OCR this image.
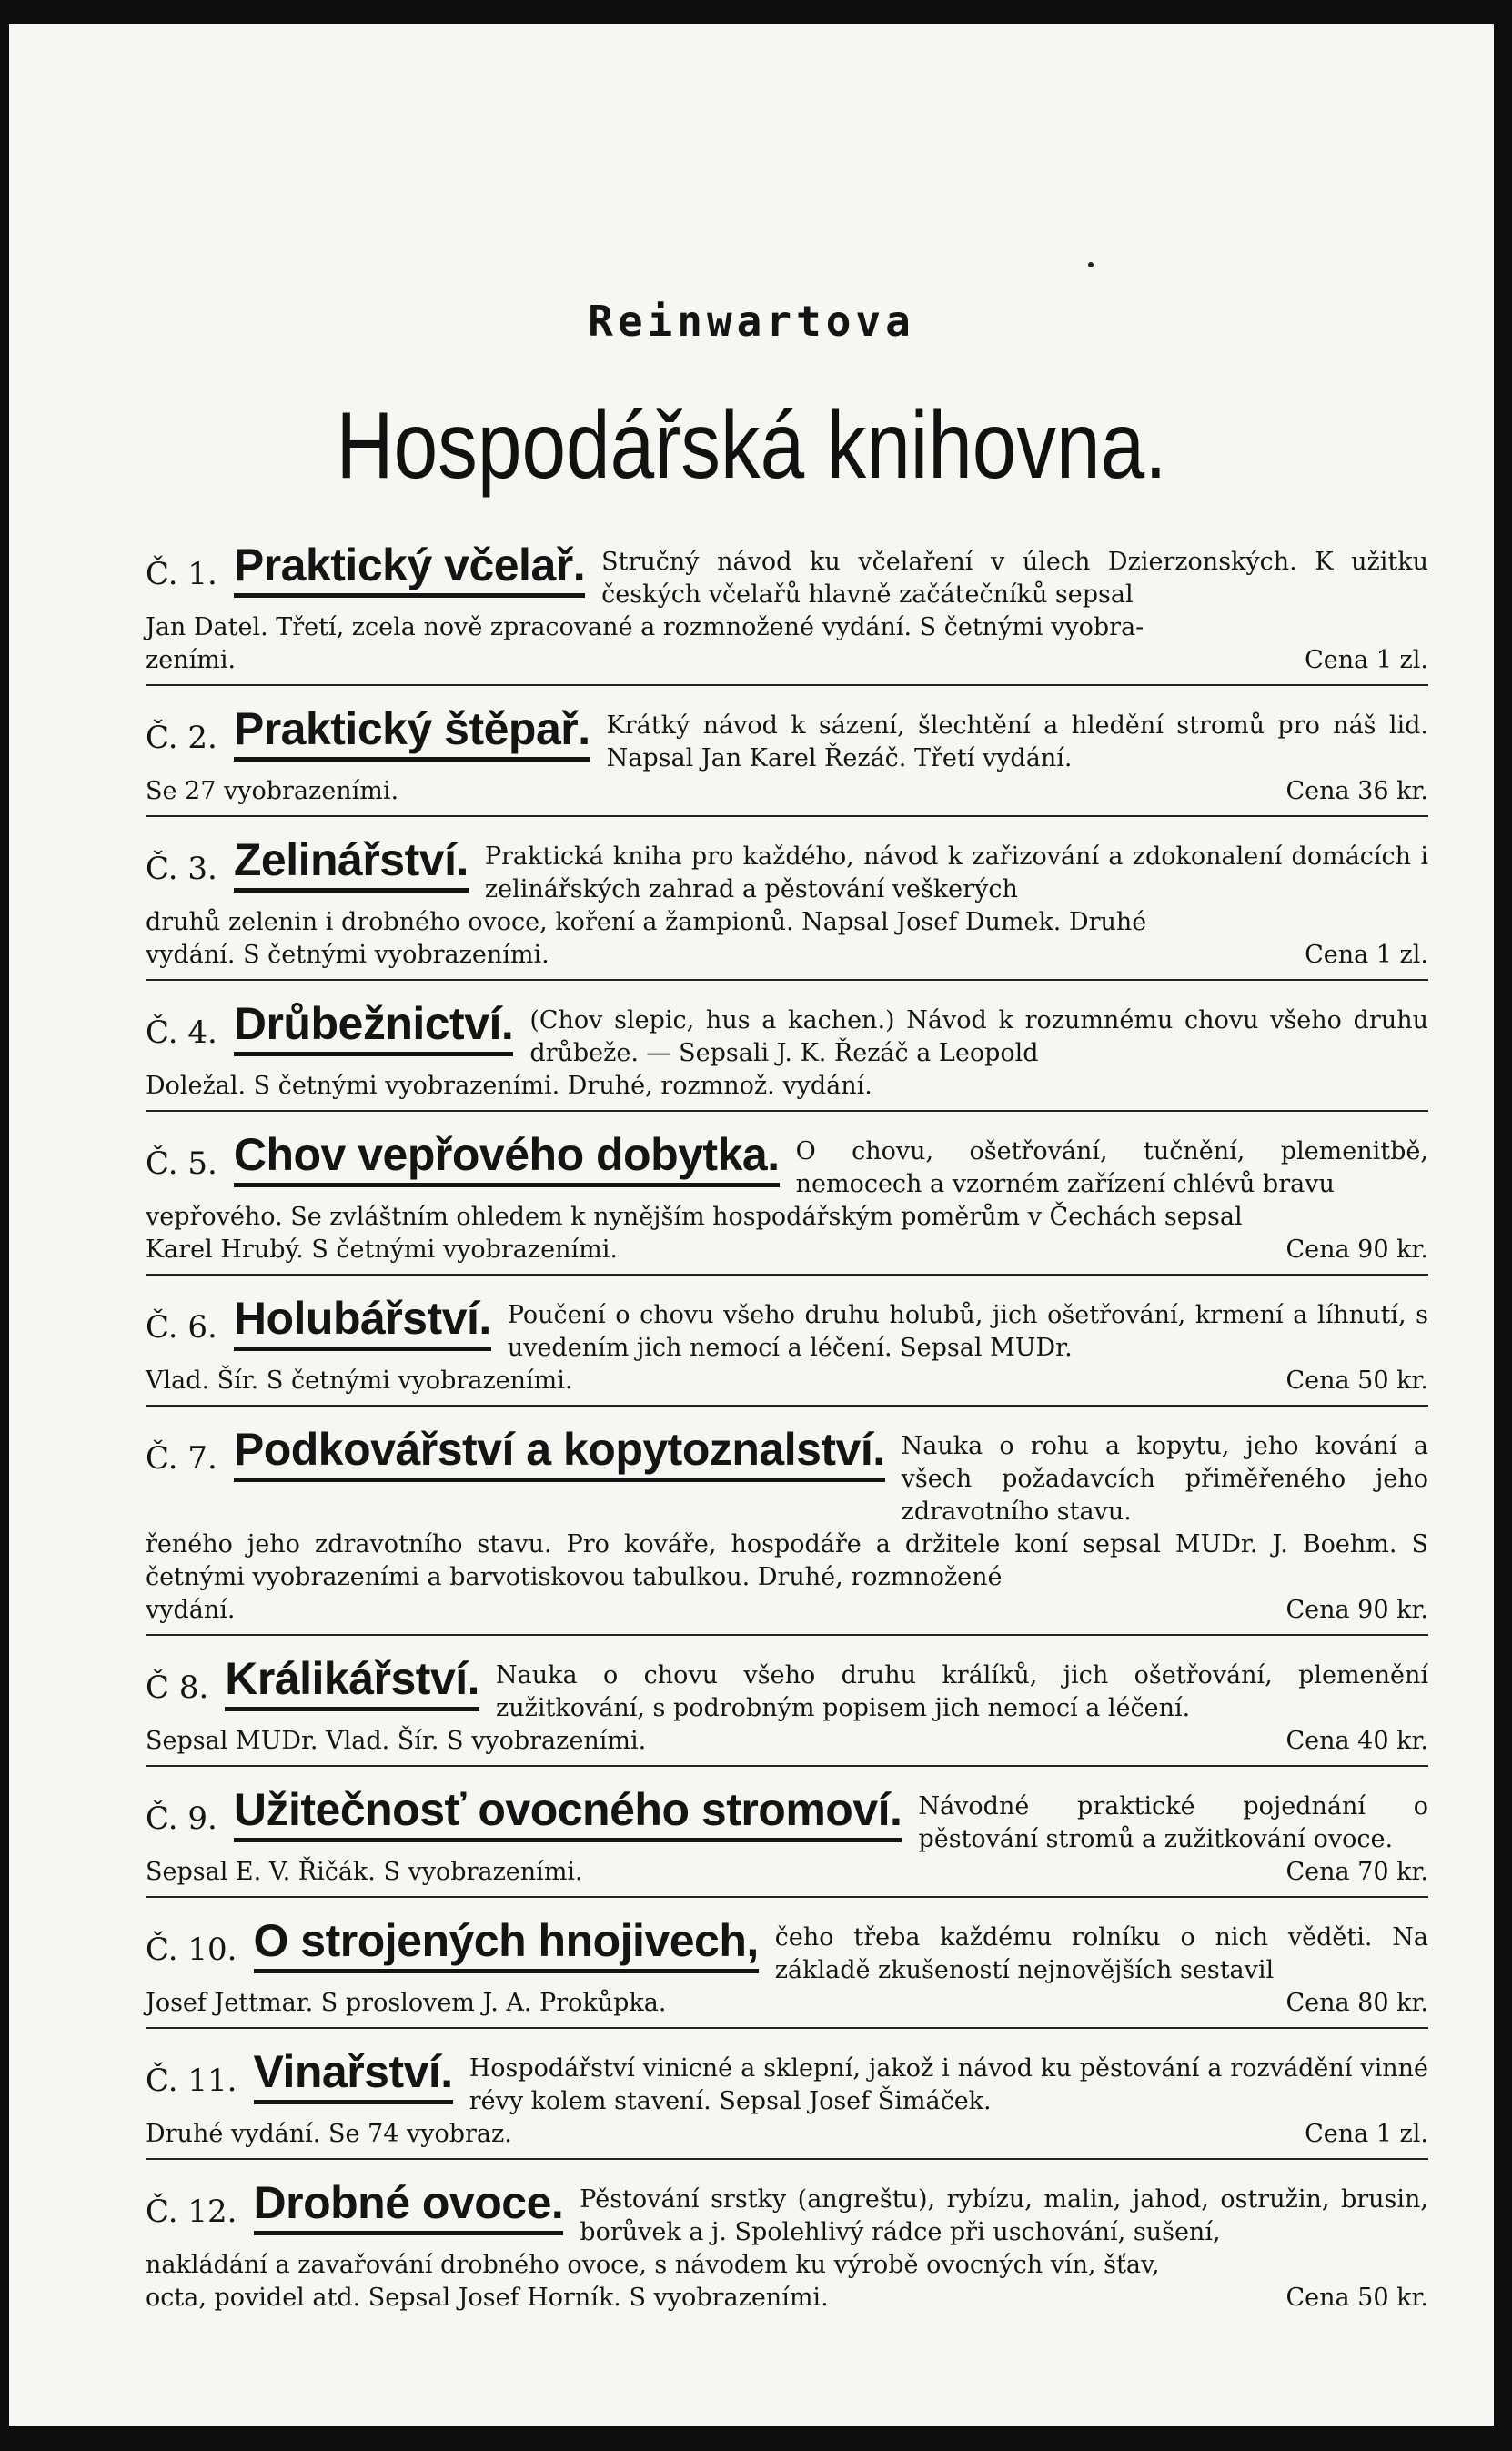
Reinwartova
Hospodářská knihovna.
Č. 1. Praktický včelař. Stručný návod ku včelaření v úlech Dzierzonských. K užitku českých včelařů hlavně začátečníků sepsal
Jan Datel. Třetí, zcela nově zpracované a rozmnožené vydání. S četnými vyobra-
zeními.	Cena 1 zl.
Č. 2. Praktický štěpař. Krátký návod k sázení, šlechtění a hledění stromů pro náš lid. Napsal Jan Karel Řezáč. Třetí vydání.
Se 27 vyobrazeními.	Cena 36 kr.
Č. 3. Zelinářství. Praktická kniha pro každého, návod k zařizování a zdokonalení domácích i zelinářských zahrad a pěstování veškerých
druhů zelenin i drobného ovoce, koření a žampionů. Napsal Josef Dumek. Druhé
vydání. S četnými vyobrazeními.	Cena 1 zl.
Č. 4. Drůbežnictví. (Chov slepic, hus a kachen.) Návod k rozumnému chovu všeho druhu drůbeže. — Sepsali J. K. Řezáč a Leopold
Doležal. S četnými vyobrazeními. Druhé, rozmnož. vydání.
Č. 5. Chov vepřového dobytka. O chovu, ošetřování, tučnění, plemenitbě, nemocech a vzorném zařízení chlévů bravu
vepřového. Se zvláštním ohledem k nynějším hospodářským poměrům v Čechách sepsal
Karel Hrubý. S četnými vyobrazeními.	Cena 90 kr.
Č. 6. Holubářství. Poučení o chovu všeho druhu holubů, jich ošetřování, krmení a líhnutí, s uvedením jich nemocí a léčení. Sepsal MUDr.
Vlad. Šír. S četnými vyobrazeními.	Cena 50 kr.
Č. 7. Podkovářství a kopytoznalství. Nauka o rohu a kopytu, jeho kování a všech požadavcích přiměřeného jeho zdravotního stavu.
řeného jeho zdravotního stavu. Pro kováře, hospodáře a držitele koní sepsal MUDr. J. Boehm. S četnými vyobrazeními a barvotiskovou tabulkou. Druhé, rozmnožené
vydání.	Cena 90 kr.
Č 8. Králikářství. Nauka o chovu všeho druhu králíků, jich ošetřování, plemenění zužitkování, s podrobným popisem jich nemocí a léčení.
Sepsal MUDr. Vlad. Šír. S vyobrazeními.	Cena 40 kr.
Č. 9. Užitečnosť ovocného stromoví. Návodné praktické pojednání o pěstování stromů a zužitkování ovoce.
Sepsal E. V. Řičák. S vyobrazeními.	Cena 70 kr.
Č. 10. O strojených hnojivech, čeho třeba každému rolníku o nich věděti. Na základě zkušeností nejnovějších sestavil
Josef Jettmar. S proslovem J. A. Prokůpka.	Cena 80 kr.
Č. 11. Vinařství. Hospodářství vinicné a sklepní, jakož i návod ku pěstování a rozvádění vinné révy kolem stavení. Sepsal Josef Šimáček.
Druhé vydání. Se 74 vyobraz.	Cena 1 zl.
Č. 12. Drobné ovoce. Pěstování srstky (angreštu), rybízu, malin, jahod, ostružin, brusin, borůvek a j. Spolehlivý rádce při uschování, sušení,
nakládání a zavařování drobného ovoce, s návodem ku výrobě ovocných vín, šťav,
octa, povidel atd. Sepsal Josef Horník. S vyobrazeními.	Cena 50 kr.
